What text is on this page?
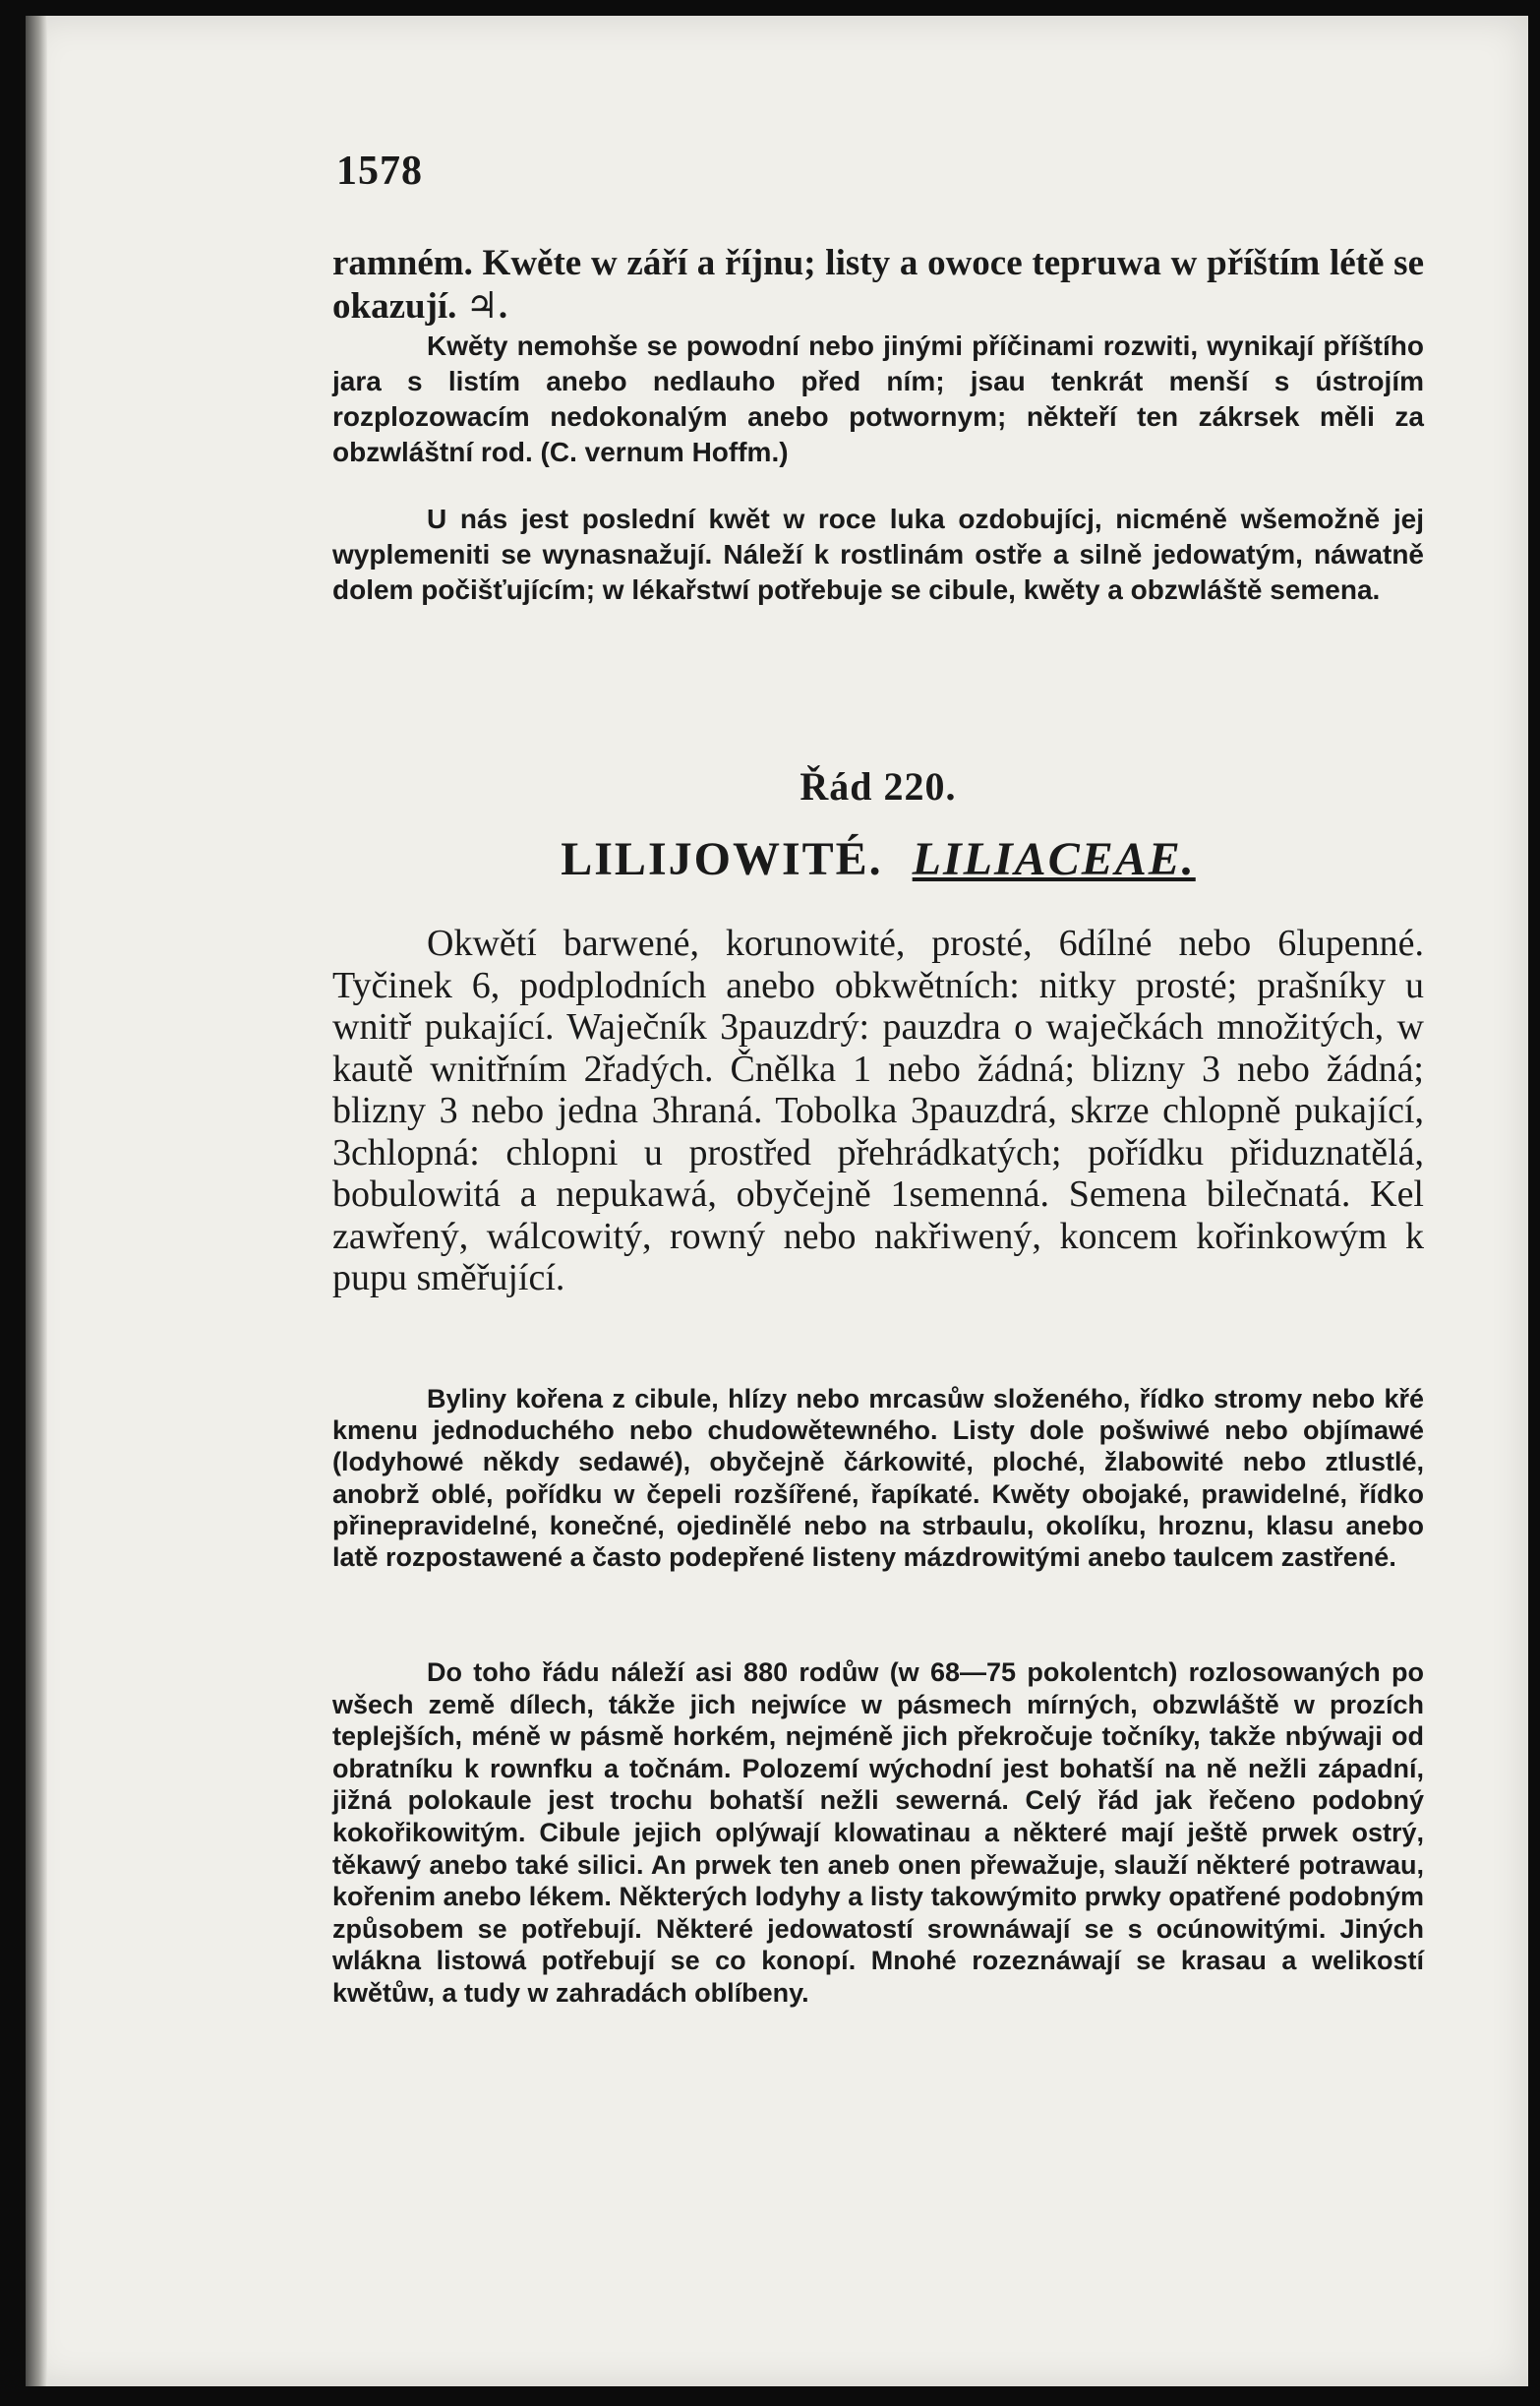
1578
ramném. Kwěte w září a říjnu; listy a owoce tepruwa w příštím létě se okazují. ♃.

Kwěty nemohše se powodní nebo jinými příčinami rozwiti, wynikají příštího jara s listím anebo nedlauho před ním; jsau tenkrát menší s ústrojím rozplozowacím nedokonalým anebo potwornym; někteří ten zákrsek měli za obzwláštní rod. (C. vernum Hoffm.)

U nás jest poslední kwět w roce luka ozdobujícj, nicméně wšemožně jej wyplemeniti se wynasnažují. Náleží k rostlinám ostře a silně jedowatým, náwatně dolem počišťujícím; w lékařstwí potřebuje se cibule, kwěty a obzwláště semena.

Řád 220.
LILIJOWITÉ. LILIACEAE.

Okwětí barwené, korunowité, prosté, 6dílné nebo 6lupenné. Tyčinek 6, podplodních anebo obkwětních: nitky prosté; prašníky u wnitř pukající. Waječník 3pauzdrý: pauzdra o waječkách množitých, w kautě wnitřním 2řadých. Čnělka 1 nebo žádná; blizny 3 nebo žádná; blizny 3 nebo jedna 3hraná. Tobolka 3pauzdrá, skrze chlopně pukající, 3chlopná: chlopni u prostřed přehrádkatých; pořídku přiduznatělá, bobulowitá a nepukawá, obyčejně 1semenná. Semena bilečnatá. Kel zawřený, wálcowitý, rowný nebo nakřiwený, koncem kořinkowým k pupu směřující.

Byliny kořena z cibule, hlízy nebo mrcasůw složeného, řídko stromy nebo křé kmenu jednoduchého nebo chudowětewného. Listy dole pošwiwé nebo objímawé (lodyhowé někdy sedawé), obyčejně čárkowité, ploché, žlabowité nebo ztlustlé, anobrž oblé, pořídku w čepeli rozšířené, řapíkaté. Kwěty obojaké, prawidelné, řídko přinepravidelné, konečné, ojedinělé nebo na strbaulu, okolíku, hroznu, klasu anebo latě rozpostawené a často podepřené listeny mázdrowitými anebo taulcem zastřené.

Do toho řádu náleží asi 880 rodůw (w 68—75 pokolentch) rozlosowaných po wšech země dílech, tákže jich nejwíce w pásmech mírných, obzwláště w prozích teplejších, méně w pásmě horkém, nejméně jich překročuje točníky, takže nbýwaji od obratníku k rownfku a točnám. Polozemí wýchodní jest bohatší na ně nežli západní, jižná polokaule jest trochu bohatší nežli sewerná. Celý řád jak řečeno podobný kokořikowitým. Cibule jejich oplýwají klowatinau a některé mají ještě prwek ostrý, těkawý anebo také silici. An prwek ten aneb onen přewažuje, slauží některé potrawau, kořenim anebo lékem. Některých lodyhy a listy takowýmito prwky opatřené podobným způsobem se potřebují. Některé jedowatostí srownáwají se s ocúnowitými. Jiných wlákna listowá potřebují se co konopí. Mnohé rozeznáwají se krasau a welikostí kwětůw, a tudy w zahradách oblíbeny.
